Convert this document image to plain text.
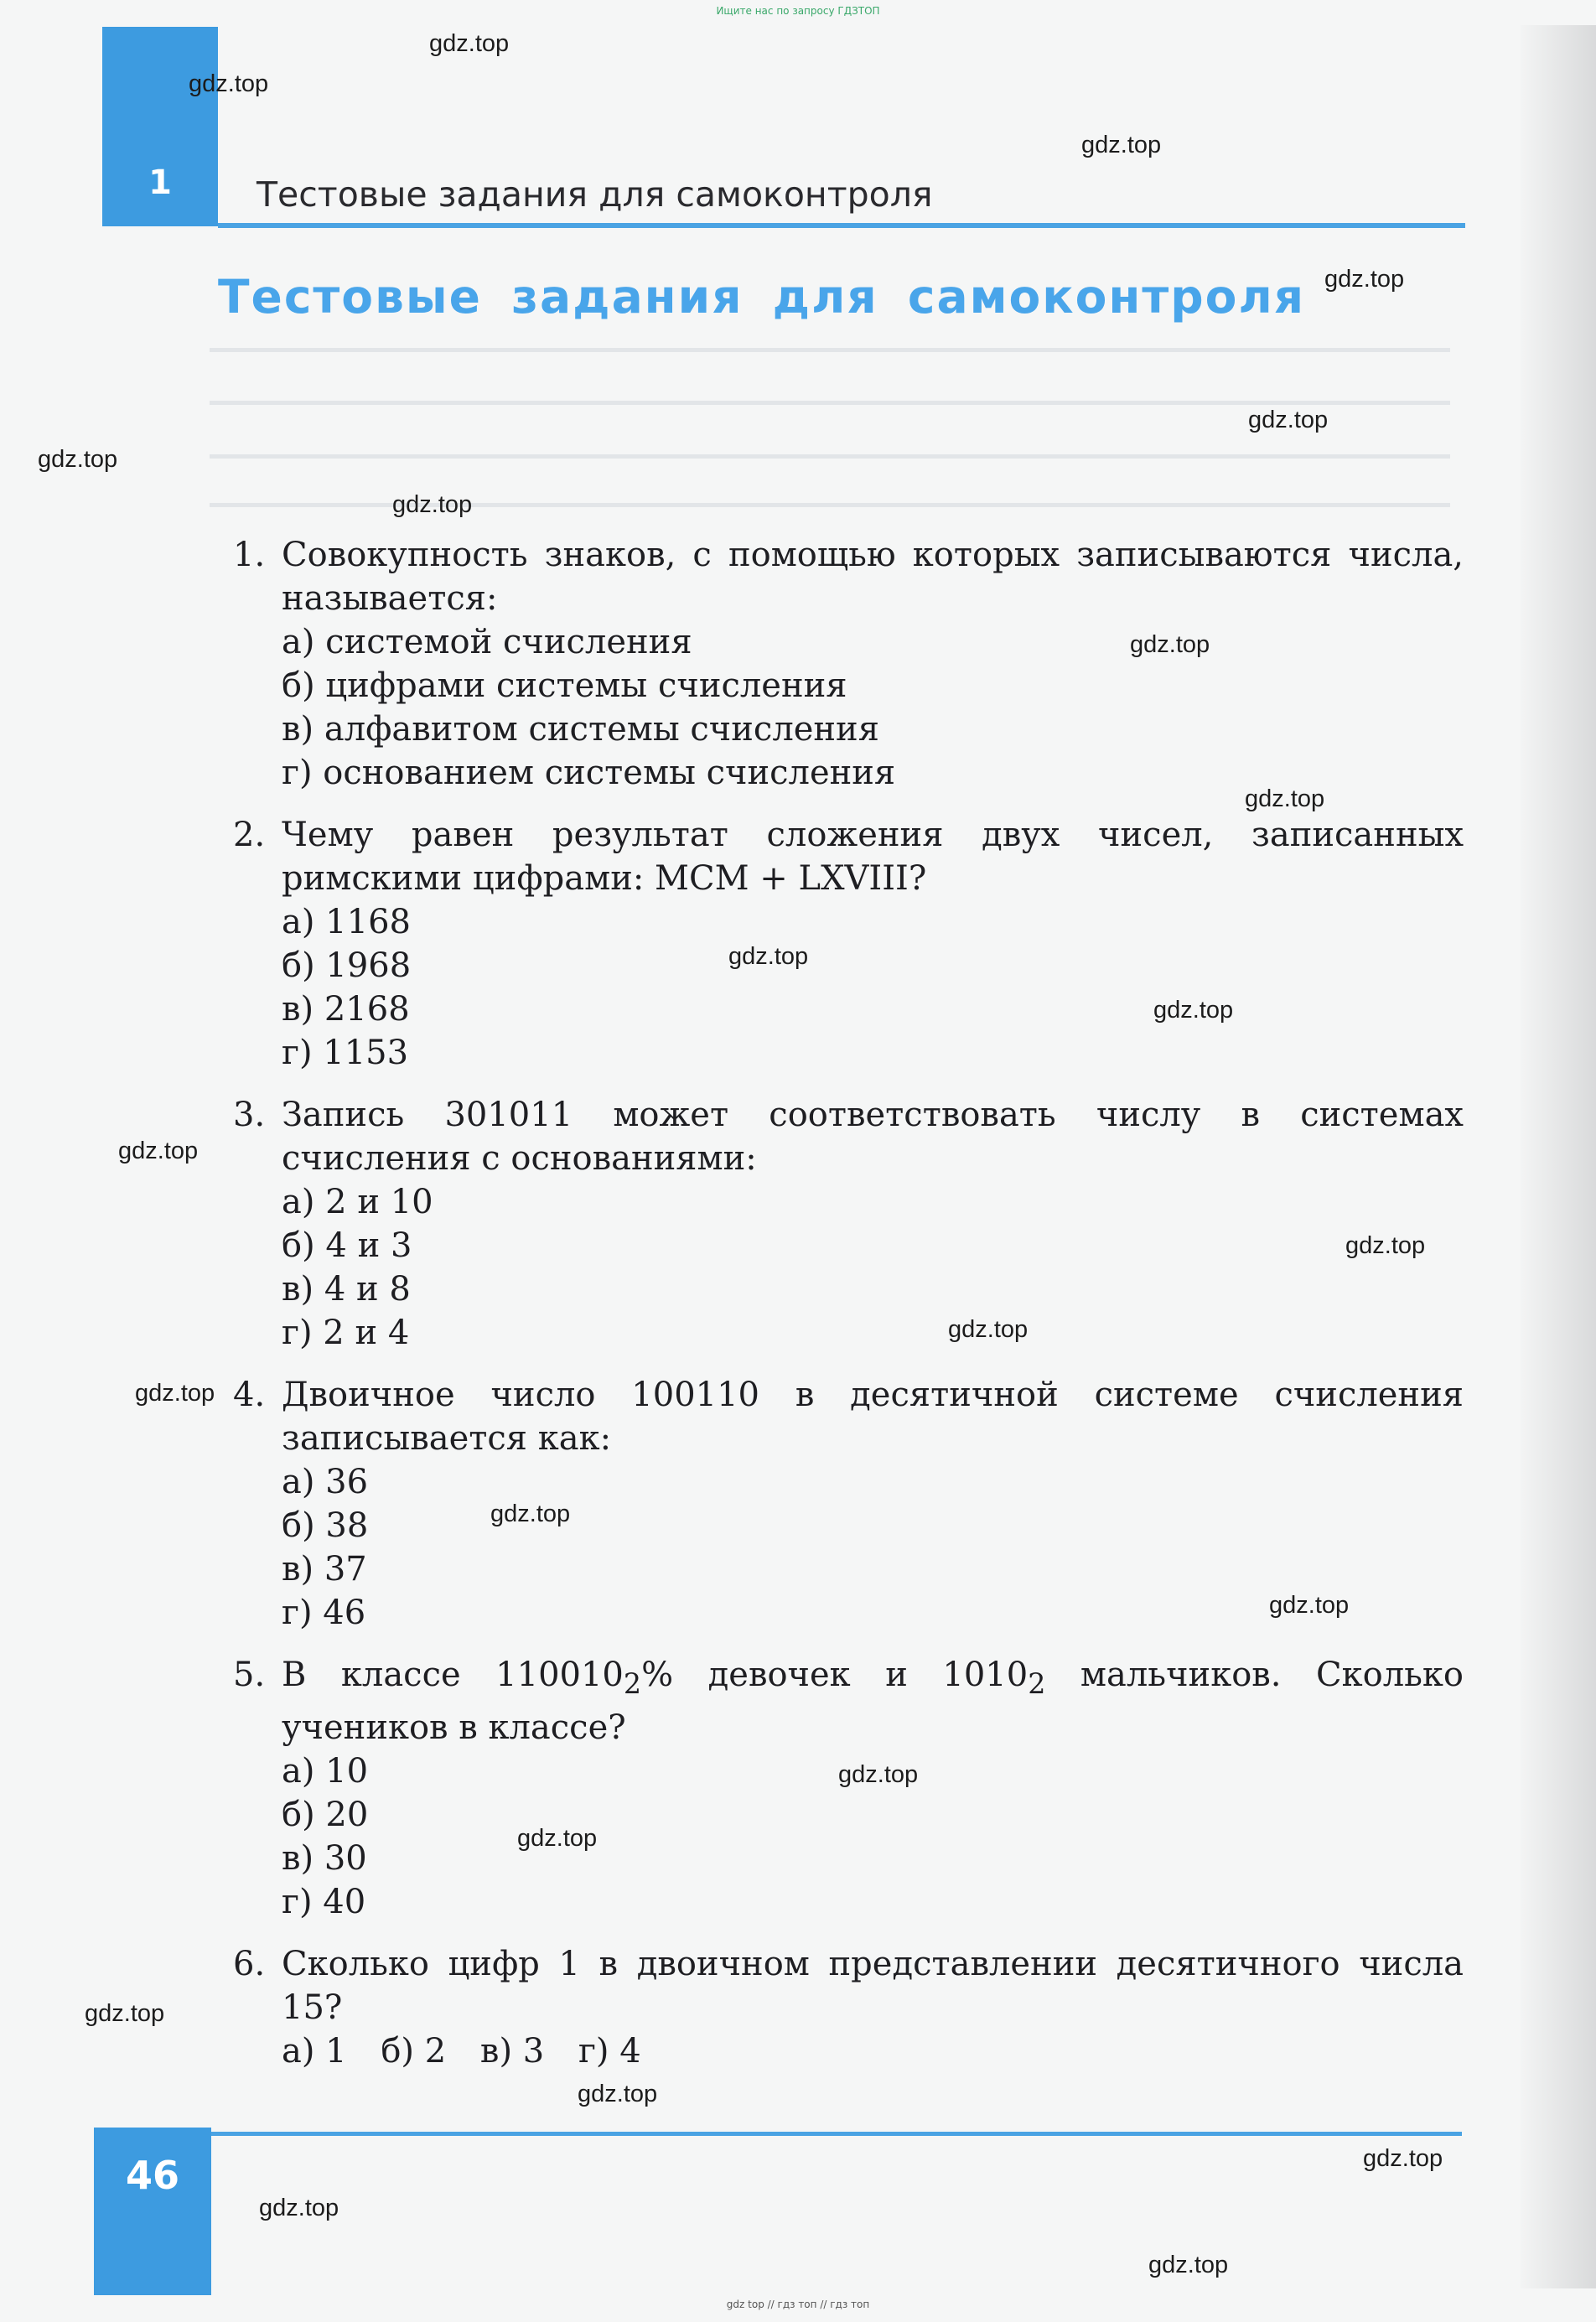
Ищите нас по запросу ГДЗТОП
1	Тестовые задания для самоконтроля
Тестовые задания для самоконтроля
1. Совокупность знаков, с помощью которых записываются числа, называется:
а) системой счисления
б) цифрами системы счисления
в) алфавитом системы счисления
г) основанием системы счисления
2. Чему равен результат сложения двух чисел, записанных римскими цифрами: MCM + LXVIII?
а) 1168
б) 1968
в) 2168
г) 1153
3. Запись 301011 может соответствовать числу в системах счисления с основаниями:
а) 2 и 10
б) 4 и 3
в) 4 и 8
г) 2 и 4
4. Двоичное число 100110 в десятичной системе счисления записывается как:
а) 36
б) 38
в) 37
г) 46
5. В классе $110010_2\%$ девочек и $1010_2$ мальчиков. Сколько учеников в классе?
а) 10
б) 20
в) 30
г) 40
6. Сколько цифр 1 в двоичном представлении десятичного числа 15?
а) 1 б) 2 в) 3 г) 4
46
gdz top // гдз топ // гдз топ
gdz.top
gdz.top
gdz.top
gdz.top
gdz.top
gdz.top
gdz.top
gdz.top
gdz.top
gdz.top
gdz.top
gdz.top
gdz.top
gdz.top
gdz.top
gdz.top
gdz.top
gdz.top
gdz.top
gdz.top
gdz.top
gdz.top
gdz.top
gdz.top
